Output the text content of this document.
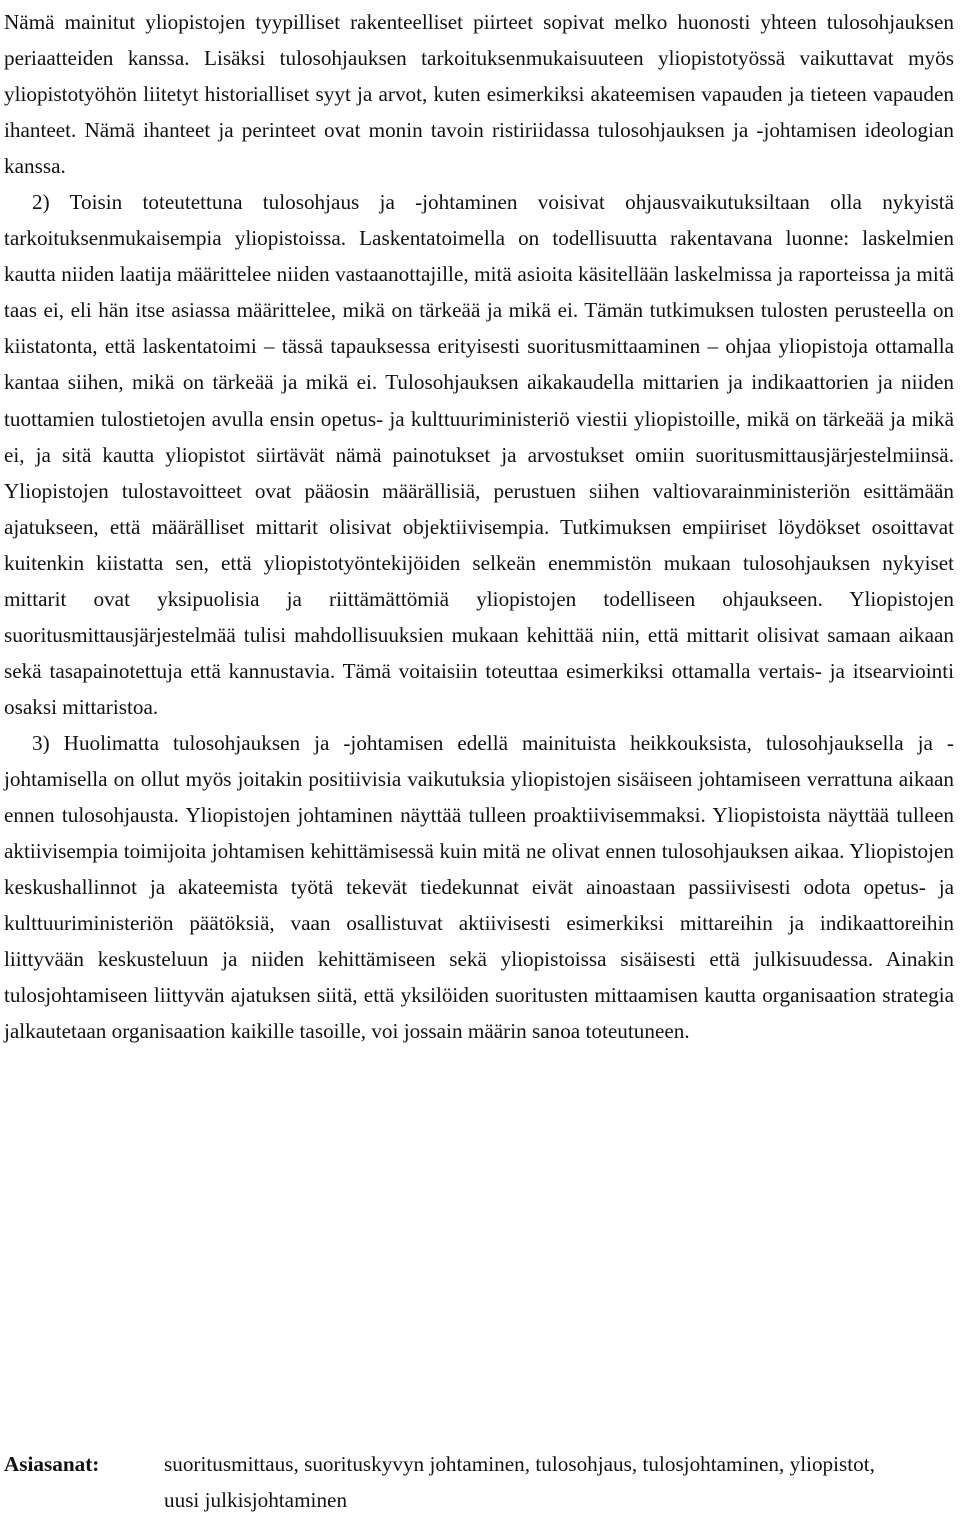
Nämä mainitut yliopistojen tyypilliset rakenteelliset piirteet sopivat melko huonosti yhteen tulosohjauksen periaatteiden kanssa. Lisäksi tulosohjauksen tarkoituksenmukaisuuteen yliopistotyössä vaikuttavat myös yliopistotyöhön liitetyt historialliset syyt ja arvot, kuten esimerkiksi akateemisen vapauden ja tieteen vapauden ihanteet. Nämä ihanteet ja perinteet ovat monin tavoin ristiriidassa tulosohjauksen ja -johtamisen ideologian kanssa.

2) Toisin toteutettuna tulosohjaus ja -johtaminen voisivat ohjausvaikutuksiltaan olla nykyistä tarkoituksenmukaisempia yliopistoissa. Laskentatoimella on todellisuutta rakentavana luonne: laskelmien kautta niiden laatija määrittelee niiden vastaanottajille, mitä asioita käsitellään laskelmissa ja raporteissa ja mitä taas ei, eli hän itse asiassa määrittelee, mikä on tärkeää ja mikä ei. Tämän tutkimuksen tulosten perusteella on kiistatonta, että laskentatoimi – tässä tapauksessa erityisesti suoritusmittaaminen – ohjaa yliopistoja ottamalla kantaa siihen, mikä on tärkeää ja mikä ei. Tulosohjauksen aikakaudella mittarien ja indikaattorien ja niiden tuottamien tulostietojen avulla ensin opetus- ja kulttuuriministeriö viestii yliopistoille, mikä on tärkeää ja mikä ei, ja sitä kautta yliopistot siirtävät nämä painotukset ja arvostukset omiin suoritusmittausjärjestelmiinsä. Yliopistojen tulostavoitteet ovat pääosin määrällisiä, perustuen siihen valtiovarainministeriön esittämään ajatukseen, että määrälliset mittarit olisivat objektiivisempia. Tutkimuksen empiiriset löydökset osoittavat kuitenkin kiistatta sen, että yliopistotyöntekijöiden selkeän enemmistön mukaan tulosohjauksen nykyiset mittarit ovat yksipuolisia ja riittämättömiä yliopistojen todelliseen ohjaukseen. Yliopistojen suoritusmittausjärjestelmää tulisi mahdollisuuksien mukaan kehittää niin, että mittarit olisivat samaan aikaan sekä tasapainotettuja että kannustavia. Tämä voitaisiin toteuttaa esimerkiksi ottamalla vertais- ja itsearviointi osaksi mittaristoa.

3) Huolimatta tulosohjauksen ja -johtamisen edellä mainituista heikkouksista, tulosohjauksella ja -johtamisella on ollut myös joitakin positiivisia vaikutuksia yliopistojen sisäiseen johtamiseen verrattuna aikaan ennen tulosohjausta. Yliopistojen johtaminen näyttää tulleen proaktiivisemmaksi. Yliopistoista näyttää tulleen aktiivisempia toimijoita johtamisen kehittämisessä kuin mitä ne olivat ennen tulosohjauksen aikaa. Yliopistojen keskushallinnot ja akateemista työtä tekevät tiedekunnat eivät ainoastaan passiivisesti odota opetus- ja kulttuuriministeriön päätöksiä, vaan osallistuvat aktiivisesti esimerkiksi mittareihin ja indikaattoreihin liittyvään keskusteluun ja niiden kehittämiseen sekä yliopistoissa sisäisesti että julkisuudessa. Ainakin tulosjohtamiseen liittyvän ajatuksen siitä, että yksilöiden suoritusten mittaamisen kautta organisaation strategia jalkautetaan organisaation kaikille tasoille, voi jossain määrin sanoa toteutuneen.

Asiasanat:	suoritusmittaus, suorituskyvyn johtaminen, tulosohjaus, tulosjohtaminen, yliopistot, uusi julkisjohtaminen
